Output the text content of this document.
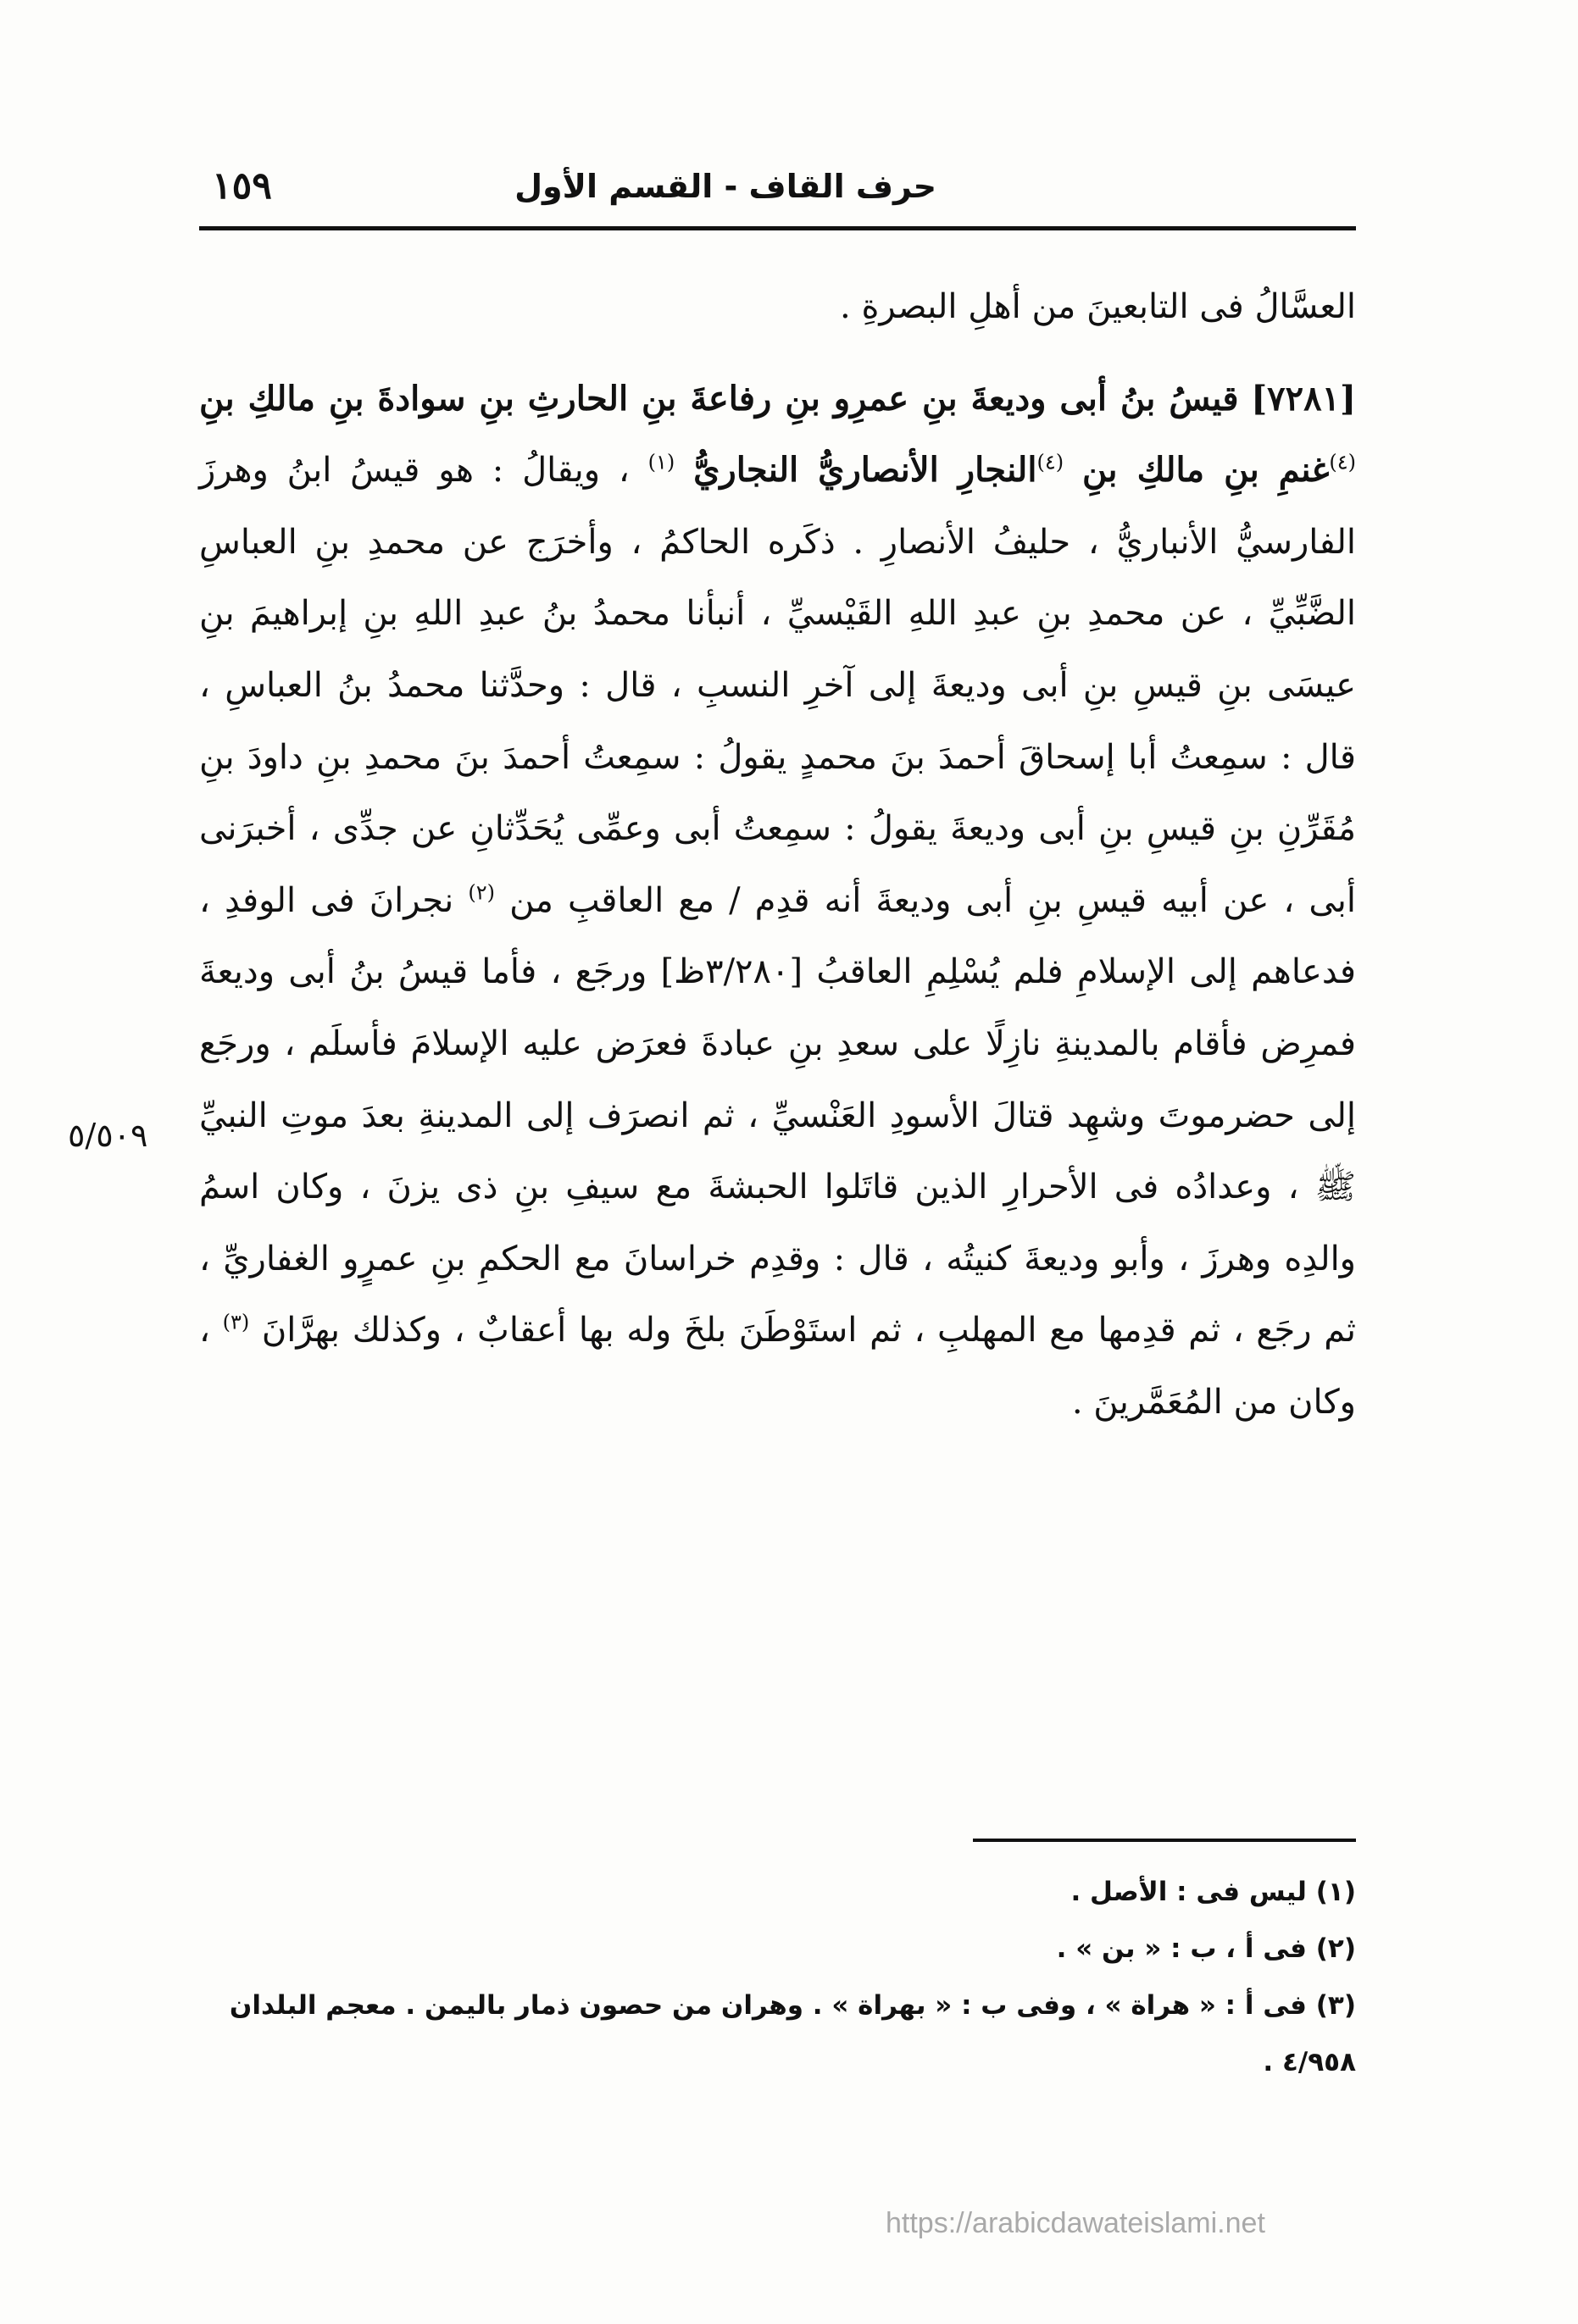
حرف القاف - القسم الأول
١٥٩

العسَّالُ فى التابعينَ من أهلِ البصرةِ .

[٧٢٨١] قيسُ بنُ أبى وديعةَ بنِ عمرِو بنِ رفاعةَ بنِ الحارثِ بنِ سوادةَ بنِ مالكِ بنِ $^{(٤)}$غنمِ بنِ مالكِ بنِ $^{(٤)}$النجارِ الأنصاريُّ النجاريُّ $^{(١)}$ ، ويقالُ : هو قيسُ ابنُ وهرزَ الفارسيُّ الأنباريُّ ، حليفُ الأنصارِ . ذكَره الحاكمُ ، وأخرَج عن محمدِ بنِ العباسِ الضَّبِّيِّ ، عن محمدِ بنِ عبدِ اللهِ القَيْسيِّ ، أنبأنا محمدُ بنُ عبدِ اللهِ بنِ إبراهيمَ بنِ عيسَى بنِ قيسِ بنِ أبى وديعةَ إلى آخرِ النسبِ ، قال : وحدَّثنا محمدُ بنُ العباسِ ، قال : سمِعتُ أبا إسحاقَ أحمدَ بنَ محمدٍ يقولُ : سمِعتُ أحمدَ بنَ محمدِ بنِ داودَ بنِ مُقَرِّنِ بنِ قيسِ بنِ أبى وديعةَ يقولُ : سمِعتُ أبى وعمِّى يُحَدِّثانِ عن جدِّى ، أخبرَنى أبى ، عن أبيه قيسِ بنِ أبى وديعةَ أنه قدِم / مع العاقبِ من $^{(٢)}$ نجرانَ فى الوفدِ ، فدعاهم إلى الإسلامِ فلم يُسْلِمِ العاقبُ [٣/٢٨٠ظ] ورجَع ، فأما قيسُ بنُ أبى وديعةَ فمرِض فأقام بالمدينةِ نازِلًا على سعدِ بنِ عبادةَ فعرَض عليه الإسلامَ فأسلَم ، ورجَع إلى حضرموتَ وشهِد قتالَ الأسودِ العَنْسيِّ ، ثم انصرَف إلى المدينةِ بعدَ موتِ النبيِّ ﷺ ، وعدادُه فى الأحرارِ الذين قاتَلوا الحبشةَ مع سيفِ بنِ ذى يزنَ ، وكان اسمُ والدِه وهرزَ ، وأبو وديعةَ كنيتُه ، قال : وقدِم خراسانَ مع الحكمِ بنِ عمرٍو الغفاريِّ ، ثم رجَع ، ثم قدِمها مع المهلبِ ، ثم استَوْطَنَ بلخَ وله بها أعقابٌ ، وكذلك بهرَّانَ $^{(٣)}$ ، وكان من المُعَمَّرينَ .

٥/٥٠٩

(١) ليس فى : الأصل .

(٢) فى أ ، ب : « بن » .

(٣) فى أ : « هراة » ، وفى ب : « بهراة » . وهران من حصون ذمار باليمن . معجم البلدان ٤/٩٥٨ .

https://arabicdawateislami.net
